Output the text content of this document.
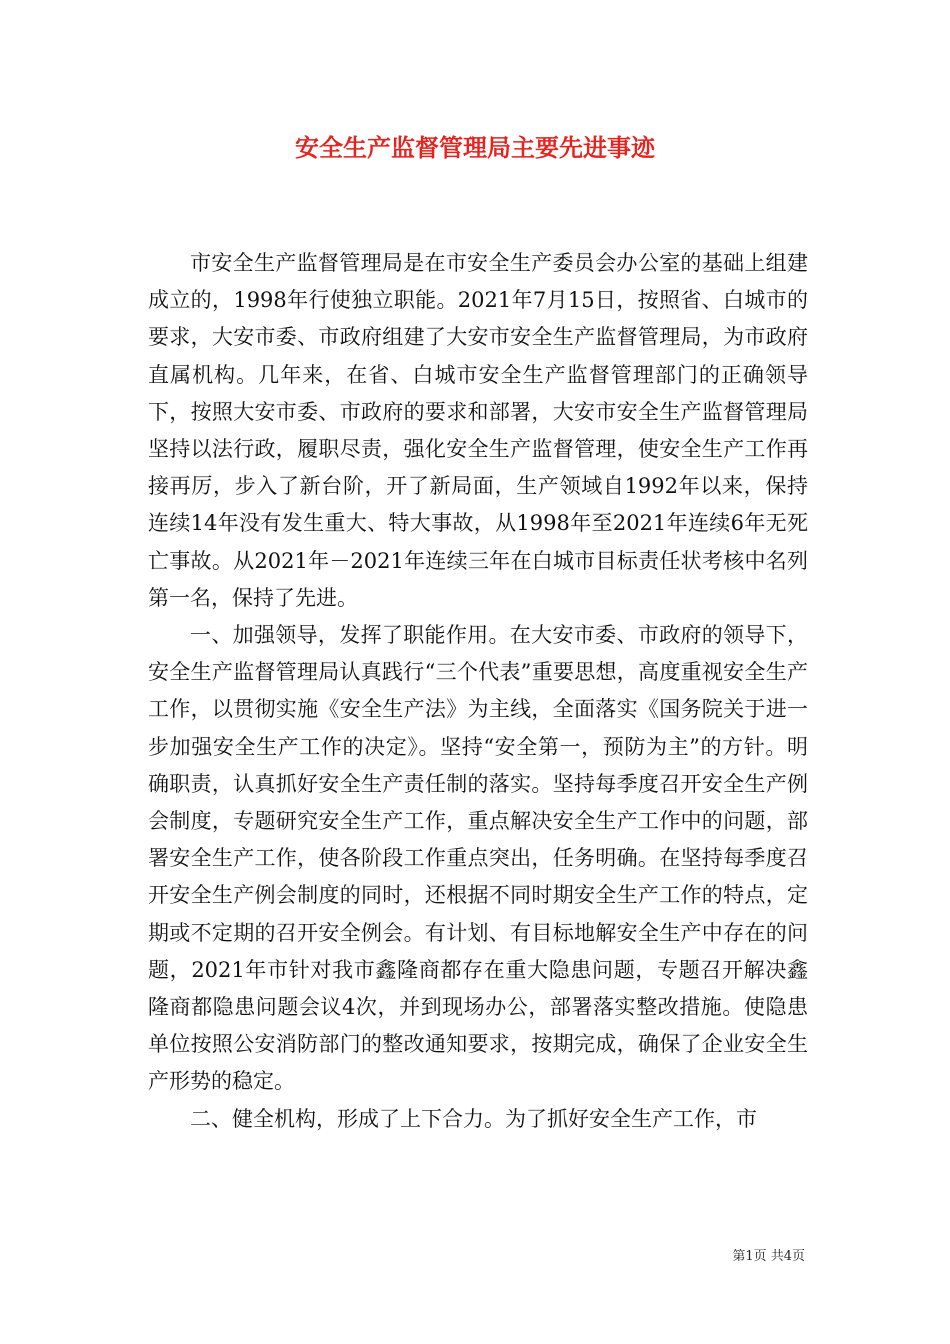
安全生产监督管理局主要先进事迹

市安全生产监督管理局是在市安全生产委员会办公室的基础上组建成立的，1998年行使独立职能。2021年7月15日，按照省、白城市的要求，大安市委、市政府组建了大安市安全生产监督管理局，为市政府直属机构。几年来，在省、白城市安全生产监督管理部门的正确领导下，按照大安市委、市政府的要求和部署，大安市安全生产监督管理局坚持以法行政，履职尽责，强化安全生产监督管理，使安全生产工作再接再厉，步入了新台阶，开了新局面，生产领域自1992年以来，保持连续14年没有发生重大、特大事故，从1998年至2021年连续6年无死亡事故。从2021年－2021年连续三年在白城市目标责任状考核中名列第一名，保持了先进。

一、加强领导，发挥了职能作用。在大安市委、市政府的领导下，安全生产监督管理局认真践行“三个代表”重要思想，高度重视安全生产工作，以贯彻实施《安全生产法》为主线，全面落实《国务院关于进一步加强安全生产工作的决定》。坚持“安全第一，预防为主”的方针。明确职责，认真抓好安全生产责任制的落实。坚持每季度召开安全生产例会制度，专题研究安全生产工作，重点解决安全生产工作中的问题，部署安全生产工作，使各阶段工作重点突出，任务明确。在坚持每季度召开安全生产例会制度的同时，还根据不同时期安全生产工作的特点，定期或不定期的召开安全例会。有计划、有目标地解安全生产中存在的问题，2021年市针对我市鑫隆商都存在重大隐患问题，专题召开解决鑫隆商都隐患问题会议4次，并到现场办公，部署落实整改措施。使隐患单位按照公安消防部门的整改通知要求，按期完成，确保了企业安全生产形势的稳定。

二、健全机构，形成了上下合力。为了抓好安全生产工作，市

第1页 共4页
